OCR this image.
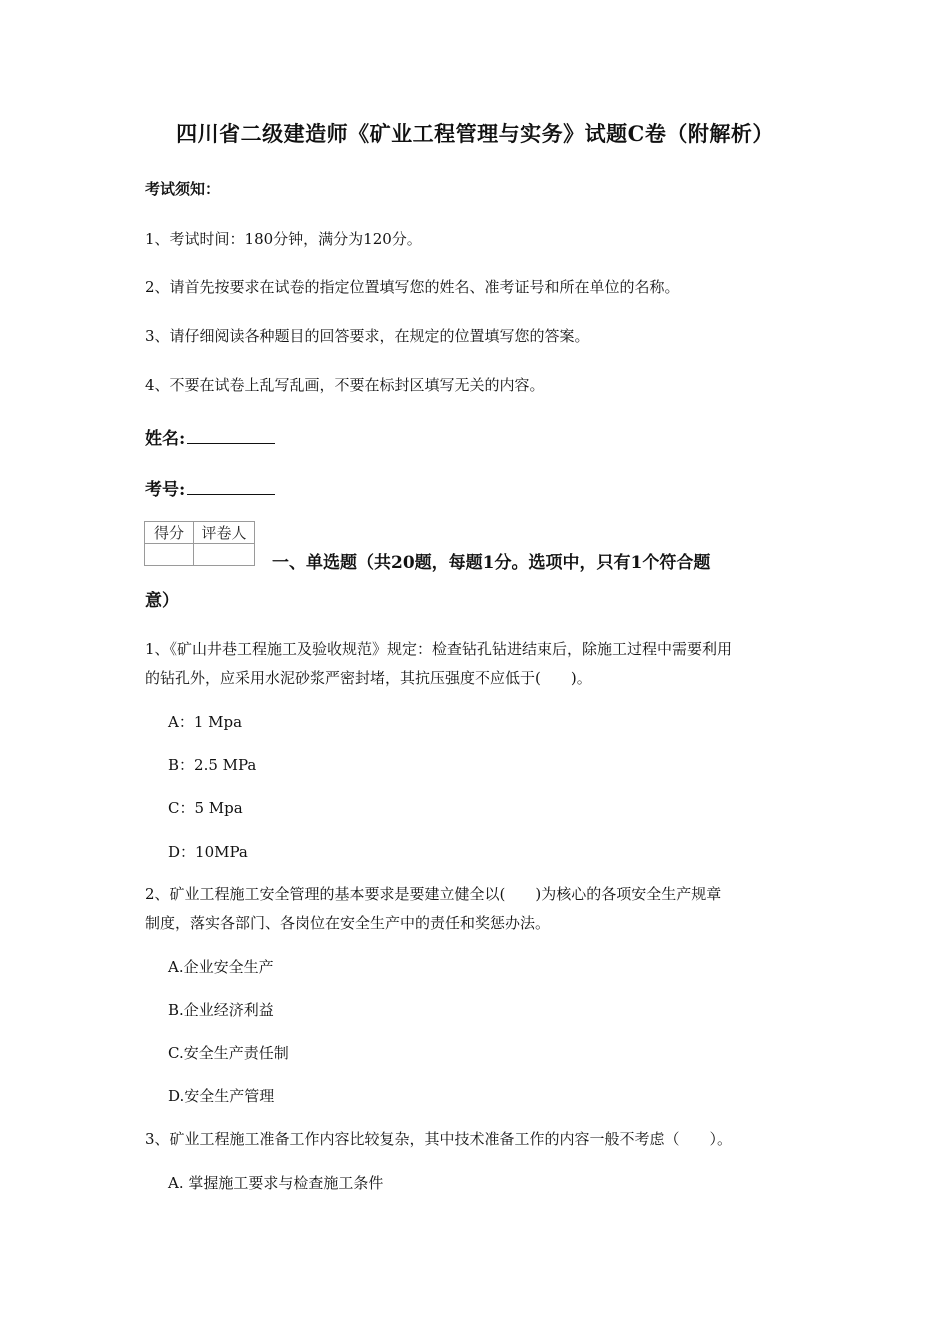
四川省二级建造师《矿业工程管理与实务》试题C卷（附解析）
考试须知：
1、考试时间：180分钟，满分为120分。
2、请首先按要求在试卷的指定位置填写您的姓名、准考证号和所在单位的名称。
3、请仔细阅读各种题目的回答要求，在规定的位置填写您的答案。
4、不要在试卷上乱写乱画，不要在标封区填写无关的内容。
姓名:
考号:
得分	评卷人

一、单选题（共20题，每题1分。选项中，只有1个符合题
意）
1、《矿山井巷工程施工及验收规范》规定：检查钻孔钻进结束后，除施工过程中需要利用
的钻孔外，应采用水泥砂浆严密封堵，其抗压强度不应低于(　　)。
A：1 Mpa
B：2.5 MPa
C：5 Mpa
D：10MPa
2、矿业工程施工安全管理的基本要求是要建立健全以(　　)为核心的各项安全生产规章
制度，落实各部门、各岗位在安全生产中的责任和奖惩办法。
A.企业安全生产
B.企业经济利益
C.安全生产责任制
D.安全生产管理
3、矿业工程施工准备工作内容比较复杂，其中技术准备工作的内容一般不考虑（　　）。
A. 掌握施工要求与检查施工条件
